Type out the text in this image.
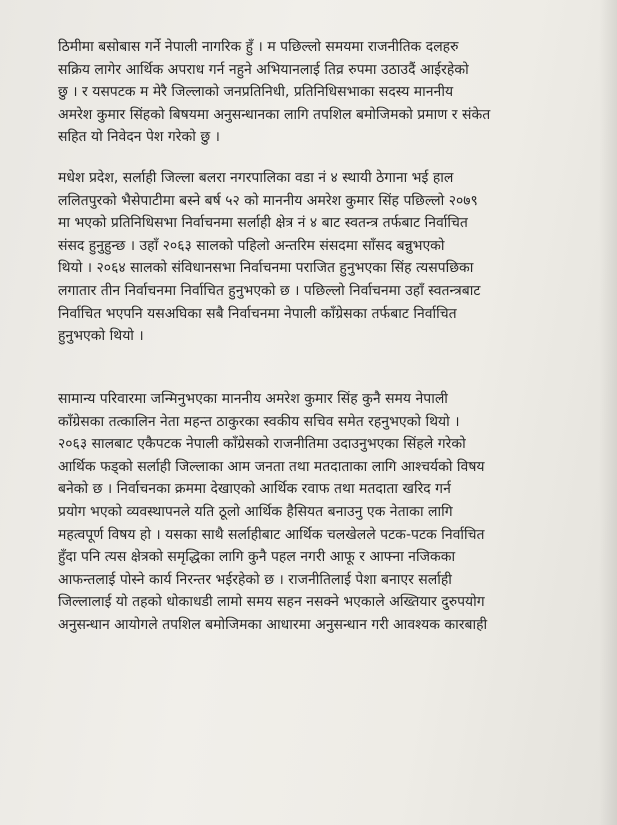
ठिमीमा बसोबास गर्ने नेपाली नागरिक हुँ । म पछिल्लो समयमा राजनीतिक दलहरु
सक्रिय लागेर आर्थिक अपराध गर्न नहुने अभियानलाई तिव्र रुपमा उठाउदैं आईरहेको
छु । र यसपटक म मेरै जिल्लाको जनप्रतिनिधी, प्रतिनिधिसभाका सदस्य माननीय
अमरेश कुमार सिंहको बिषयमा अनुसन्धानका लागि तपशिल बमोजिमको प्रमाण र संकेत
सहित यो निवेदन पेश गरेको छु ।

मधेश प्रदेश, सर्लाही जिल्ला बलरा नगरपालिका वडा नं ४ स्थायी ठेगाना भई हाल
ललितपुरको भैसेपाटीमा बस्ने बर्ष ५२ को माननीय अमरेश कुमार सिंह पछिल्लो २०७९
मा भएको प्रतिनिधिसभा निर्वाचनमा सर्लाही क्षेत्र नं ४ बाट स्वतन्त्र तर्फबाट निर्वाचित
संसद हुनुहुन्छ । उहाँ २०६३ सालको पहिलो अन्तरिम संसदमा साँसद बन्नुभएको
थियो । २०६४ सालको संविधानसभा निर्वाचनमा पराजित हुनुभएका सिंह त्यसपछिका
लगातार तीन निर्वाचनमा निर्वाचित हुनुभएको छ । पछिल्लो निर्वाचनमा उहाँ स्वतन्त्रबाट
निर्वाचित भएपनि यसअघिका सबै निर्वाचनमा नेपाली काँग्रेसका तर्फबाट निर्वाचित
हुनुभएको थियो ।

सामान्य परिवारमा जन्मिनुभएका माननीय अमरेश कुमार सिंह कुनै समय नेपाली
काँग्रेसका तत्कालिन नेता महन्त ठाकुरका स्वकीय सचिव समेत रहनुभएको थियो ।
२०६३ सालबाट एकैपटक नेपाली काँग्रेसको राजनीतिमा उदाउनुभएका सिंहले गरेको
आर्थिक फड्को सर्लाही जिल्लाका आम जनता तथा मतदाताका लागि आश्चर्यको विषय
बनेको छ । निर्वाचनका क्रममा देखाएको आर्थिक रवाफ तथा मतदाता खरिद गर्न
प्रयोग भएको व्यवस्थापनले यति ठूलो आर्थिक हैसियत बनाउनु एक नेताका लागि
महत्वपूर्ण विषय हो । यसका साथै सर्लाहीबाट आर्थिक चलखेलले पटक-पटक निर्वाचित
हुँदा पनि त्यस क्षेत्रको समृद्धिका लागि कुनै पहल नगरी आफू र आफ्ना नजिकका
आफन्तलाई पोस्ने कार्य निरन्तर भईरहेको छ । राजनीतिलाई पेशा बनाएर सर्लाही
जिल्लालाई यो तहको धोकाधडी लामो समय सहन नसक्ने भएकाले अख्तियार दुरुपयोग
अनुसन्धान आयोगले तपशिल बमोजिमका आधारमा अनुसन्धान गरी आवश्यक कारबाही
